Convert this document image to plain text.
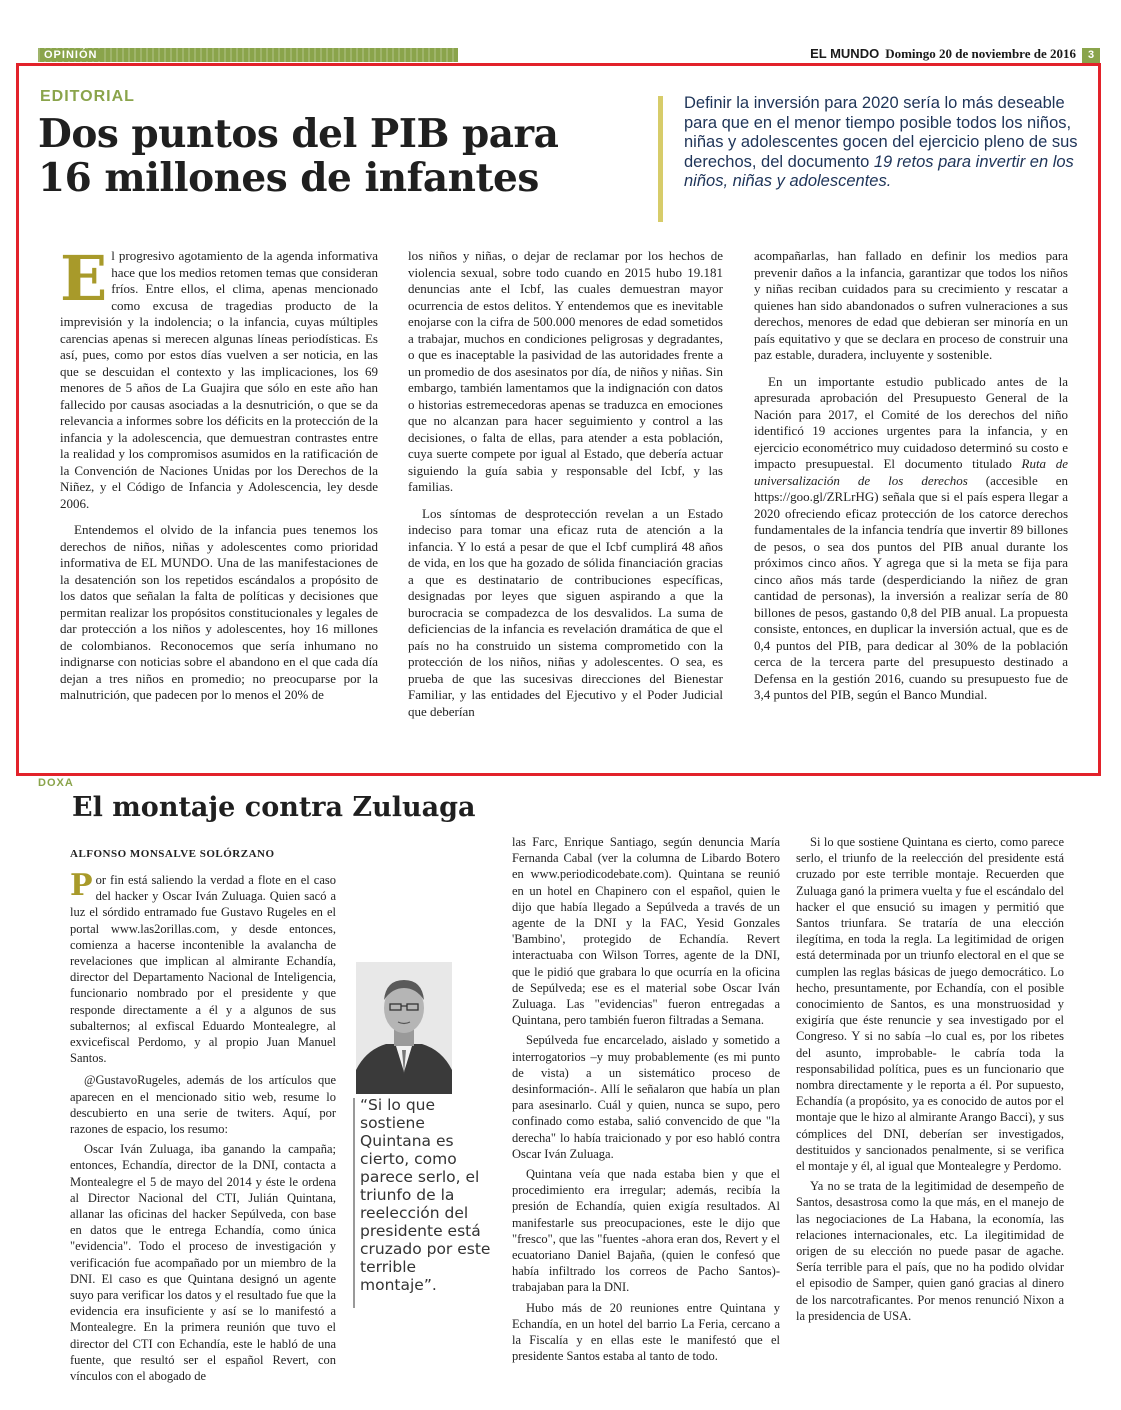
OPINIÓN	EL MUNDO Domingo 20 de noviembre de 2016	3
EDITORIAL
Dos puntos del PIB para
16 millones de infantes
Definir la inversión para 2020 sería lo más deseable para que en el menor tiempo posible todos los niños, niñas y adolescentes gocen del ejercicio pleno de sus derechos, del documento 19 retos para invertir en los niños, niñas y adolescentes.

El progresivo agotamiento de la agenda informativa hace que los medios retomen temas que consideran fríos. Entre ellos, el clima, apenas mencionado como excusa de tragedias producto de la imprevisión y la indolencia; o la infancia, cuyas múltiples carencias apenas si merecen algunas líneas periodísticas. Es así, pues, como por estos días vuelven a ser noticia, en las que se descuidan el contexto y las implicaciones, los 69 menores de 5 años de La Guajira que sólo en este año han fallecido por causas asociadas a la desnutrición, o que se da relevancia a informes sobre los déficits en la protección de la infancia y la adolescencia, que demuestran contrastes entre la realidad y los compromisos asumidos en la ratificación de la Convención de Naciones Unidas por los Derechos de la Niñez, y el Código de Infancia y Adolescencia, ley desde 2006.

Entendemos el olvido de la infancia pues tenemos los derechos de niños, niñas y adolescentes como prioridad informativa de EL MUNDO. Una de las manifestaciones de la desatención son los repetidos escándalos a propósito de los datos que señalan la falta de políticas y decisiones que permitan realizar los propósitos constitucionales y legales de dar protección a los niños y adolescentes, hoy 16 millones de colombianos. Reconocemos que sería inhumano no indignarse con noticias sobre el abandono en el que cada día dejan a tres niños en promedio; no preocuparse por la malnutrición, que padecen por lo menos el 20% de

los niños y niñas, o dejar de reclamar por los hechos de violencia sexual, sobre todo cuando en 2015 hubo 19.181 denuncias ante el Icbf, las cuales demuestran mayor ocurrencia de estos delitos. Y entendemos que es inevitable enojarse con la cifra de 500.000 menores de edad sometidos a trabajar, muchos en condiciones peligrosas y degradantes, o que es inaceptable la pasividad de las autoridades frente a un promedio de dos asesinatos por día, de niños y niñas. Sin embargo, también lamentamos que la indignación con datos o historias estremecedoras apenas se traduzca en emociones que no alcanzan para hacer seguimiento y control a las decisiones, o falta de ellas, para atender a esta población, cuya suerte compete por igual al Estado, que debería actuar siguiendo la guía sabia y responsable del Icbf, y las familias.

Los síntomas de desprotección revelan a un Estado indeciso para tomar una eficaz ruta de atención a la infancia. Y lo está a pesar de que el Icbf cumplirá 48 años de vida, en los que ha gozado de sólida financiación gracias a que es destinatario de contribuciones específicas, designadas por leyes que siguen aspirando a que la burocracia se compadezca de los desvalidos. La suma de deficiencias de la infancia es revelación dramática de que el país no ha construido un sistema comprometido con la protección de los niños, niñas y adolescentes. O sea, es prueba de que las sucesivas direcciones del Bienestar Familiar, y las entidades del Ejecutivo y el Poder Judicial que deberían

acompañarlas, han fallado en definir los medios para prevenir daños a la infancia, garantizar que todos los niños y niñas reciban cuidados para su crecimiento y rescatar a quienes han sido abandonados o sufren vulneraciones a sus derechos, menores de edad que debieran ser minoría en un país equitativo y que se declara en proceso de construir una paz estable, duradera, incluyente y sostenible.

En un importante estudio publicado antes de la apresurada aprobación del Presupuesto General de la Nación para 2017, el Comité de los derechos del niño identificó 19 acciones urgentes para la infancia, y en ejercicio econométrico muy cuidadoso determinó su costo e impacto presupuestal. El documento titulado Ruta de universalización de los derechos (accesible en https://goo.gl/ZRLrHG) señala que si el país espera llegar a 2020 ofreciendo eficaz protección de los catorce derechos fundamentales de la infancia tendría que invertir 89 billones de pesos, o sea dos puntos del PIB anual durante los próximos cinco años. Y agrega que si la meta se fija para cinco años más tarde (desperdiciando la niñez de gran cantidad de personas), la inversión a realizar sería de 80 billones de pesos, gastando 0,8 del PIB anual. La propuesta consiste, entonces, en duplicar la inversión actual, que es de 0,4 puntos del PIB, para dedicar al 30% de la población cerca de la tercera parte del presupuesto destinado a Defensa en la gestión 2016, cuando su presupuesto fue de 3,4 puntos del PIB, según el Banco Mundial.

DOXA
El montaje contra Zuluaga
ALFONSO MONSALVE SOLÓRZANO

Por fin está saliendo la verdad a flote en el caso del hacker y Oscar Iván Zuluaga. Quien sacó a luz el sórdido entramado fue Gustavo Rugeles en el portal www.las2orillas.com, y desde entonces, comienza a hacerse incontenible la avalancha de revelaciones que implican al almirante Echandía, director del Departamento Nacional de Inteligencia, funcionario nombrado por el presidente y que responde directamente a él y a algunos de sus subalternos; al exfiscal Eduardo Montealegre, al exvicefiscal Perdomo, y al propio Juan Manuel Santos.

@GustavoRugeles, además de los artículos que aparecen en el mencionado sitio web, resume lo descubierto en una serie de twiters. Aquí, por razones de espacio, los resumo:

Oscar Iván Zuluaga, iba ganando la campaña; entonces, Echandía, director de la DNI, contacta a Montealegre el 5 de mayo del 2014 y éste le ordena al Director Nacional del CTI, Julián Quintana, allanar las oficinas del hacker Sepúlveda, con base en datos que le entrega Echandía, como única "evidencia". Todo el proceso de investigación y verificación fue acompañado por un miembro de la DNI. El caso es que Quintana designó un agente suyo para verificar los datos y el resultado fue que la evidencia era insuficiente y así se lo manifestó a Montealegre. En la primera reunión que tuvo el director del CTI con Echandía, este le habló de una fuente, que resultó ser el español Revert, con vínculos con el abogado de

“Si lo que sostiene Quintana es cierto, como parece serlo, el triunfo de la reelección del presidente está cruzado por este terrible montaje”.

las Farc, Enrique Santiago, según denuncia María Fernanda Cabal (ver la columna de Libardo Botero en www.periodicodebate.com). Quintana se reunió en un hotel en Chapinero con el español, quien le dijo que había llegado a Sepúlveda a través de un agente de la DNI y la FAC, Yesid Gonzales 'Bambino', protegido de Echandía. Revert interactuaba con Wilson Torres, agente de la DNI, que le pidió que grabara lo que ocurría en la oficina de Sepúlveda; ese es el material sobe Oscar Iván Zuluaga. Las "evidencias" fueron entregadas a Quintana, pero también fueron filtradas a Semana.

Sepúlveda fue encarcelado, aislado y sometido a interrogatorios –y muy probablemente (es mi punto de vista) a un sistemático proceso de desinformación-. Allí le señalaron que había un plan para asesinarlo. Cuál y quien, nunca se supo, pero confinado como estaba, salió convencido de que "la derecha" lo había traicionado y por eso habló contra Oscar Iván Zuluaga.

Quintana veía que nada estaba bien y que el procedimiento era irregular; además, recibía la presión de Echandía, quien exigía resultados. Al manifestarle sus preocupaciones, este le dijo que "fresco", que las "fuentes -ahora eran dos, Revert y el ecuatoriano Daniel Bajaña, (quien le confesó que había infiltrado los correos de Pacho Santos)- trabajaban para la DNI.

Hubo más de 20 reuniones entre Quintana y Echandía, en un hotel del barrio La Feria, cercano a la Fiscalía y en ellas este le manifestó que el presidente Santos estaba al tanto de todo.

Si lo que sostiene Quintana es cierto, como parece serlo, el triunfo de la reelección del presidente está cruzado por este terrible montaje. Recuerden que Zuluaga ganó la primera vuelta y fue el escándalo del hacker el que ensució su imagen y permitió que Santos triunfara. Se trataría de una elección ilegítima, en toda la regla. La legitimidad de origen está determinada por un triunfo electoral en el que se cumplen las reglas básicas de juego democrático. Lo hecho, presuntamente, por Echandía, con el posible conocimiento de Santos, es una monstruosidad y exigiría que éste renuncie y sea investigado por el Congreso. Y si no sabía –lo cual es, por los ribetes del asunto, improbable- le cabría toda la responsabilidad política, pues es un funcionario que nombra directamente y le reporta a él. Por supuesto, Echandía (a propósito, ya es conocido de autos por el montaje que le hizo al almirante Arango Bacci), y sus cómplices del DNI, deberían ser investigados, destituidos y sancionados penalmente, si se verifica el montaje y él, al igual que Montealegre y Perdomo.

Ya no se trata de la legitimidad de desempeño de Santos, desastrosa como la que más, en el manejo de las negociaciones de La Habana, la economía, las relaciones internacionales, etc. La ilegitimidad de origen de su elección no puede pasar de agache. Sería terrible para el país, que no ha podido olvidar el episodio de Samper, quien ganó gracias al dinero de los narcotraficantes. Por menos renunció Nixon a la presidencia de USA.
